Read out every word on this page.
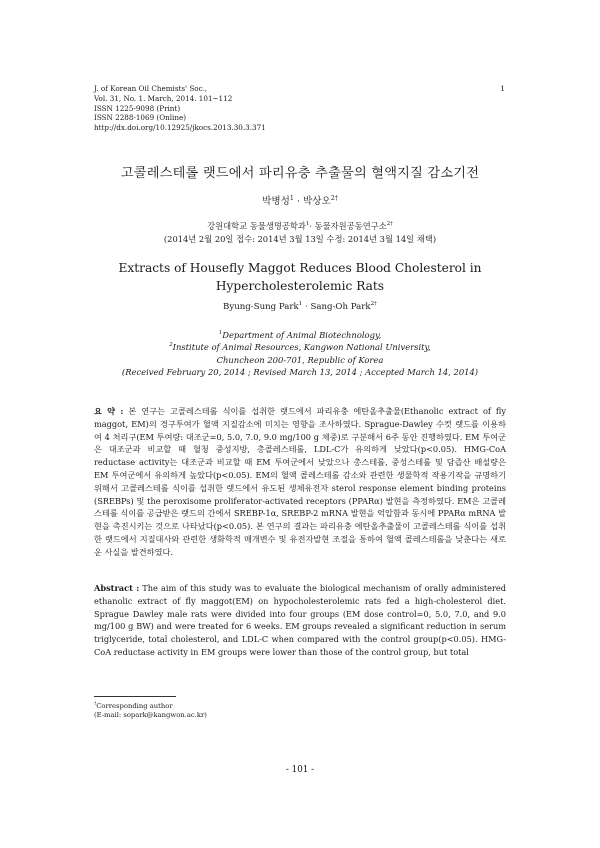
J. of Korean Oil Chemists' Soc.,
Vol. 31, No. 1. March, 2014. 101~112
ISSN 1225-9098 (Print)
ISSN 2288-1069 (Online)
http://dx.doi.org/10.12925/jkocs.2013.30.3.371
1
고콜레스테롤 랫드에서 파리유충 추출물의 혈액지질 감소기전
박병성$^1$ · 박상오$^{2\dagger}$
강원대학교 동물생명공학과$^1$· 동물자원공동연구소$^{2\dagger}$
(2014년 2월 20일 접수: 2014년 3월 13일 수정: 2014년 3월 14일 채택)
Extracts of Housefly Maggot Reduces Blood Cholesterol in
Hypercholesterolemic Rats
Byung-Sung Park$^1$ · Sang-Oh Park$^{2\dagger}$
$^1$Department of Animal Biotechnology,
$^2$Institute of Animal Resources, Kangwon National University,
Chuncheon 200-701, Republic of Korea
(Received February 20, 2014 ; Revised March 13, 2014 ; Accepted March 14, 2014)

요 약 : 본 연구는 고콜레스테롤 식이를 섭취한 랫드에서 파리유충 에탄올추출물(Ethanolic extract of fly maggot, EM)의 경구투여가 혈액 지질감소에 미치는 영향을 조사하였다. Sprague-Dawley 수컷 랫드를 이용하여 4 처리구(EM 투여량: 대조군=0, 5.0, 7.0, 9.0 mg/100 g 체중)로 구분해서 6주 동안 진행하였다. EM 투여군은 대조군과 비교할 때 혈청 중성지방, 총콜레스테롤, LDL-C가 유의하게 낮았다(p<0.05). HMG-CoA reductase activity는 대조군과 비교할 때 EM 투여군에서 낮았으나 총스테롤, 중성스테롤 및 담즙산 배설량은 EM 투여군에서 유의하게 높았다(p<0.05). EM의 혈액 콜레스테롤 감소와 관련한 생물학적 작용기작을 규명하기 위해서 고콜레스테롤 식이를 섭취한 랫드에서 유도된 생체유전자 sterol response element binding proteins (SREBPs) 및 the peroxisome proliferator-activated receptors (PPARα) 발현을 측정하였다. EM은 고콜레스테롤 식이를 공급받은 랫드의 간에서 SREBP-1α, SREBP-2 mRNA 발현을 억압함과 동시에 PPARα mRNA 발현을 촉진시키는 것으로 나타났다(p<0.05). 본 연구의 결과는 파리유충 에탄올추출물이 고콜레스테롤 식이를 섭취한 랫드에서 지질대사와 관련한 생화학적 매개변수 및 유전자발현 조절을 통하여 혈액 콜레스테롤을 낮춘다는 새로운 사실을 발견하였다.

Abstract : The aim of this study was to evaluate the biological mechanism of orally administered ethanolic extract of fly maggot(EM) on hypocholesterolemic rats fed a high-cholesterol diet. Sprague Dawley male rats were divided into four groups (EM dose control=0, 5.0, 7.0, and 9.0 mg/100 g BW) and were treated for 6 weeks. EM groups revealed a significant reduction in serum triglyceride, total cholesterol, and LDL-C when compared with the control group(p<0.05). HMG-CoA reductase activity in EM groups were lower than those of the control group, but total

†Corresponding author
(E-mail: sopark@kangwon.ac.kr)
- 101 -
